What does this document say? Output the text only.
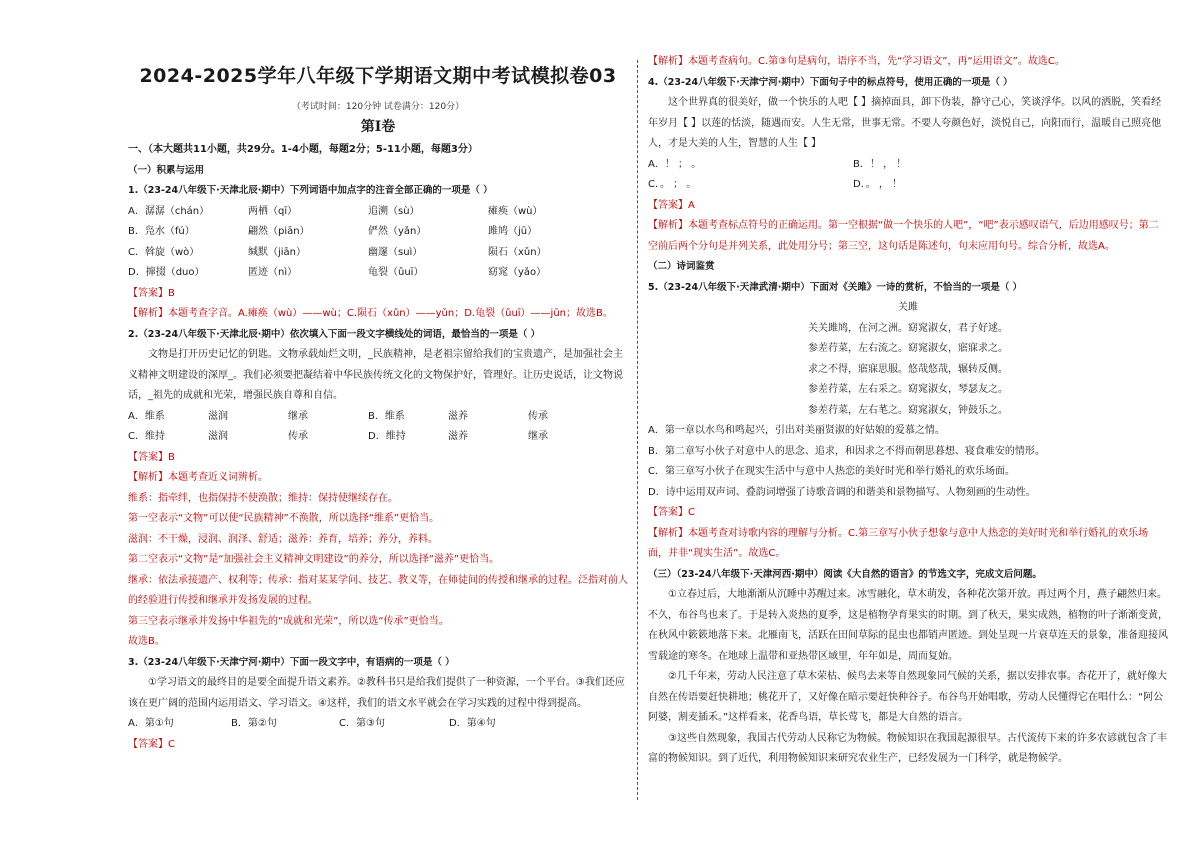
2024-2025学年八年级下学期语文期中考试模拟卷03
（考试时间：120分钟 试卷满分：120分）
第Ⅰ卷
一、（本大题共11小题，共29分。1-4小题，每题2分；5-11小题，每题3分）
（一）积累与运用
1.（23-24八年级下·天津北辰·期中）下列词语中加点字的注音全部正确的一项是（ ）
A．潺潺（chán）	两栖（qī）	追溯（sù）	瘫痪（wù）
B．凫水（fú）	翩然（piān）	俨然（yǎn）	雎鸠（jū）
C．斡旋（wò）	缄默（jiān）	幽邃（suì）	陨石（xǔn）
D．撺掇（duo）	匿迹（nì）	龟裂（ǔuī）	窈窕（yǎo）
【答案】B
【解析】本题考查字音。A.瘫痪（wù）——wù；C.陨石（xǔn）——yǔn；D.龟裂（ǔuī）——jūn；故选B。
2.（23-24八年级下·天津北辰·期中）依次填入下面一段文字横线处的词语，最恰当的一项是（ ）
文物是打开历史记忆的钥匙。文物承载灿烂文明，_民族精神，是老祖宗留给我们的宝贵遗产，是加强社会主义精神文明建设的深厚_。我们必须要把凝结着中华民族传统文化的文物保护好，管理好。让历史说话，让文物说话，_祖先的成就和光荣，增强民族自尊和自信。
A．维系	滋润	继承	B．维系	滋养	传承
C．维持	滋润	传承	D．维持	滋养	继承
【答案】B
【解析】本题考查近义词辨析。
维系：指牵绊，也指保持不使涣散；维持：保持使继续存在。
第一空表示“文物”可以使“民族精神”不涣散，所以选择“维系”更恰当。
滋润：不干燥，浸润、润泽、舒适；滋养：养育，培养；养分，养料。
第二空表示“文物”是“加强社会主义精神文明建设”的养分，所以选择“滋养”更恰当。
继承：依法承接遗产、权利等；传承：指对某某学问、技艺、教义等，在师徒间的传授和继承的过程。泛指对前人的经验进行传授和继承并发扬发展的过程。
第三空表示继承并发扬中华祖先的“成就和光荣”，所以选“传承”更恰当。
故选B。
3.（23-24八年级下·天津宁河·期中）下面一段文字中，有语病的一项是（ ）
①学习语文的最终目的是要全面提升语文素养。②教科书只是给我们提供了一种资源，一个平台。③我们还应该在更广阔的范围内运用语文、学习语文。④这样，我们的语文水平就会在学习实践的过程中得到提高。
A．第①句	B．第②句	C．第③句	D．第④句
【答案】C
【解析】本题考查病句。C.第③句是病句，语序不当，先“学习语文”，再“运用语文”。故选C。
4.（23-24八年级下·天津宁河·期中）下面句子中的标点符号，使用正确的一项是（ ）
这个世界真的很美好，做一个快乐的人吧【 】摘掉面具，卸下伪装，静守己心，笑谈浮华。以风的洒脱，笑看经年岁月【 】以莲的恬淡，随遇而安。人生无常，世事无常。不要人夸颜色好，淡悦自己，向阳而行，温暖自己照亮他人，才是大美的人生，智慧的人生【 】
A．！ ； 。	B．！ ， ！
C．。 ； 。	D．。 ， ！
【答案】A
【解析】本题考查标点符号的正确运用。第一空根据“做一个快乐的人吧”，“吧”表示感叹语气，后边用感叹号；第二空前后两个分句是并列关系，此处用分号；第三空，这句话是陈述句，句末应用句号。综合分析，故选A。
（二）诗词鉴赏
5.（23-24八年级下·天津武清·期中）下面对《关雎》一诗的赏析，不恰当的一项是（ ）
关雎
关关雎鸠，在河之洲。窈窕淑女，君子好逑。
参差荇菜，左右流之。窈窕淑女，寤寐求之。
求之不得，寤寐思服。悠哉悠哉，辗转反侧。
参差荇菜，左右采之。窈窕淑女，琴瑟友之。
参差荇菜，左右芼之。窈窕淑女，钟鼓乐之。
A．第一章以水鸟和鸣起兴，引出对美丽贤淑的好姑娘的爱慕之情。
B．第二章写小伙子对意中人的思念、追求，和因求之不得而朝思暮想、寝食难安的情形。
C．第三章写小伙子在现实生活中与意中人热恋的美好时光和举行婚礼的欢乐场面。
D．诗中运用双声词、叠韵词增强了诗歌音调的和谐美和景物描写、人物刻画的生动性。
【答案】C
【解析】本题考查对诗歌内容的理解与分析。C.第三章写小伙子想象与意中人热恋的美好时光和举行婚礼的欢乐场面，并非“现实生活”。故选C。
（三）（23-24八年级下·天津河西·期中）阅读《大自然的语言》的节选文字，完成文后问题。
①立春过后，大地渐渐从沉睡中苏醒过来。冰雪融化，草木萌发，各种花次第开放。再过两个月，燕子翩然归来。不久，布谷鸟也来了。于是转入炎热的夏季，这是植物孕育果实的时期。到了秋天，果实成熟，植物的叶子渐渐变黄，在秋风中簌簌地落下来。北雁南飞，活跃在田间草际的昆虫也都销声匿迹。到处呈现一片衰草连天的景象，准备迎接风雪载途的寒冬。在地球上温带和亚热带区域里，年年如是，周而复始。
②几千年来，劳动人民注意了草木荣枯、候鸟去来等自然现象同气候的关系，据以安排农事。杏花开了，就好像大自然在传语要赶快耕地；桃花开了，又好像在暗示要赶快种谷子。布谷鸟开始唱歌，劳动人民懂得它在唱什么：“阿公阿婆，割麦插禾。”这样看来，花香鸟语，草长莺飞，都是大自然的语言。
③这些自然现象，我国古代劳动人民称它为物候。物候知识在我国起源很早。古代流传下来的许多农谚就包含了丰富的物候知识。到了近代，利用物候知识来研究农业生产，已经发展为一门科学，就是物候学。
